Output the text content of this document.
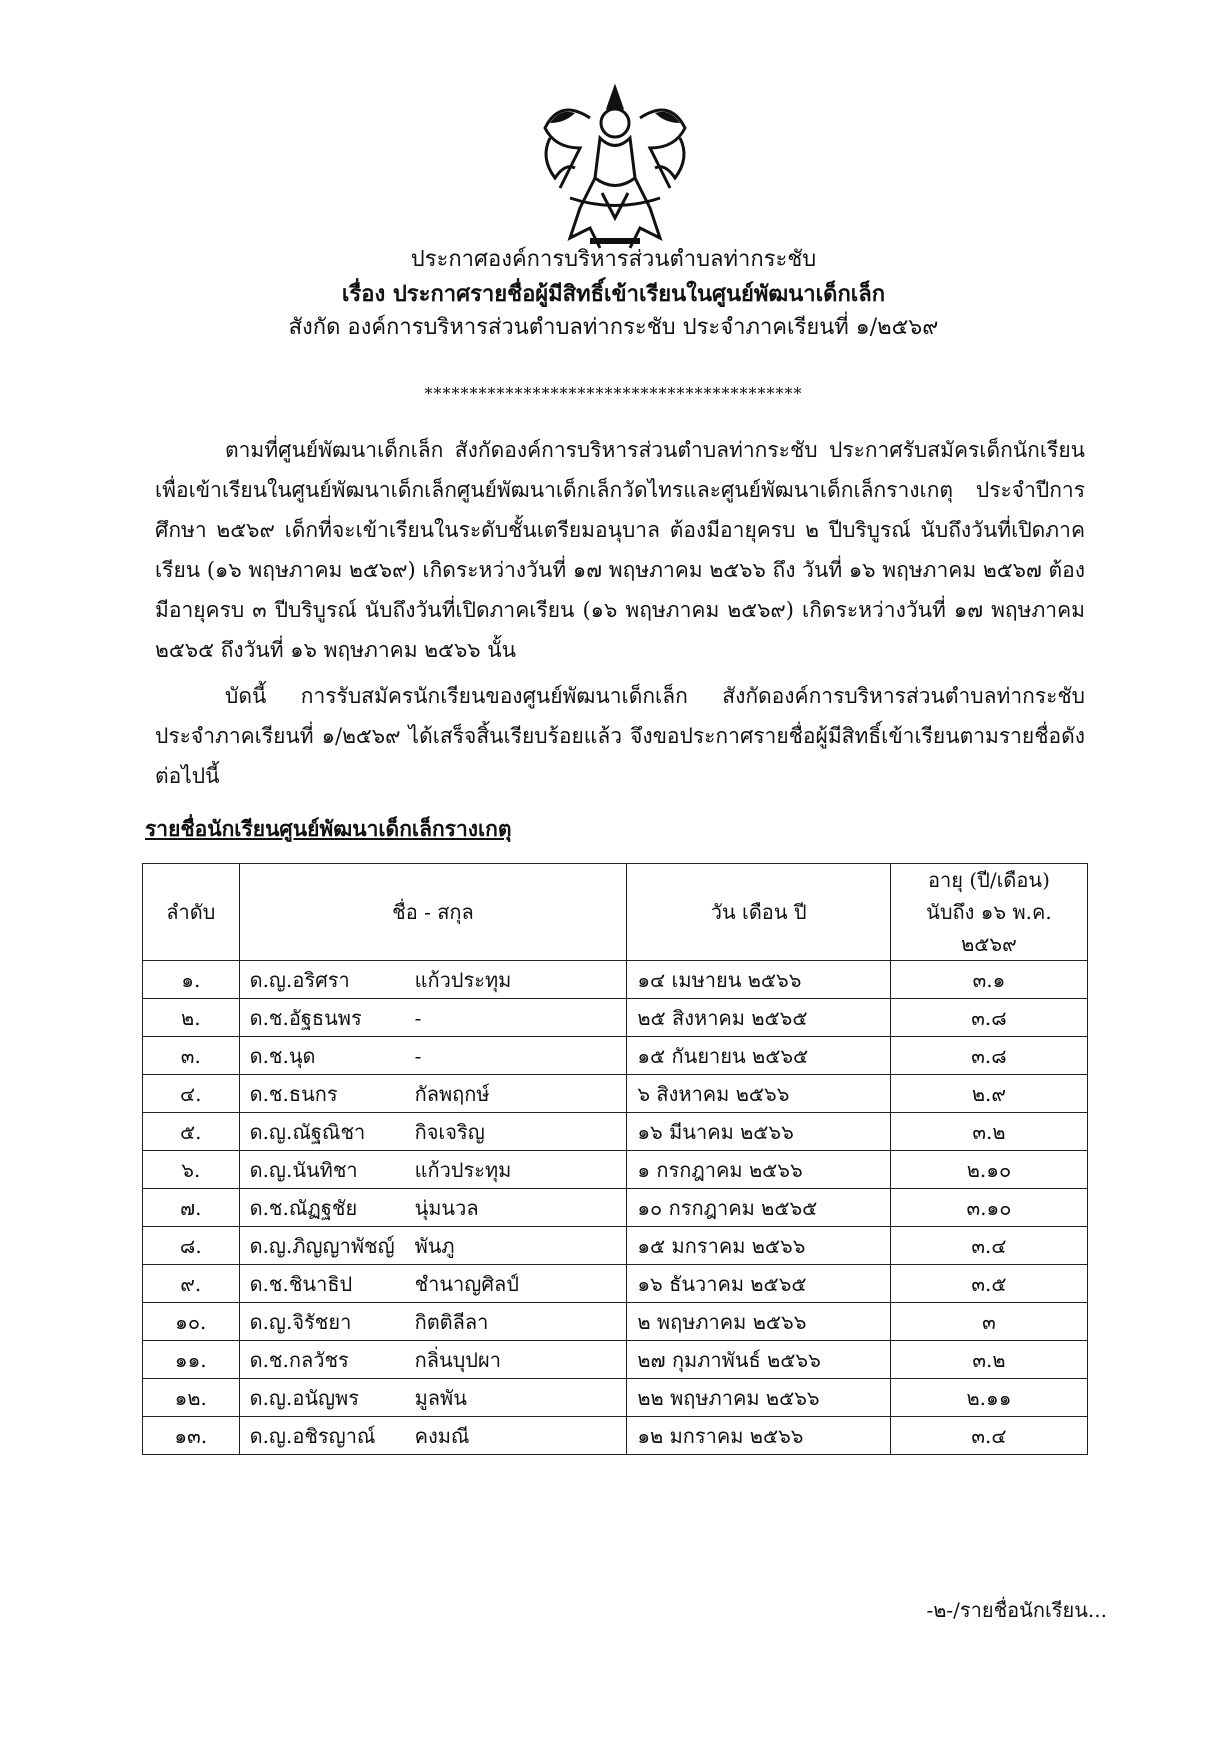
ประกาศองค์การบริหารส่วนตำบลท่ากระชับ
เรื่อง ประกาศรายชื่อผู้มีสิทธิ์เข้าเรียนในศูนย์พัฒนาเด็กเล็ก
สังกัด องค์การบริหารส่วนตำบลท่ากระชับ ประจำภาคเรียนที่ ๑/๒๕๖๙
******************************************
ตามที่ศูนย์พัฒนาเด็กเล็ก สังกัดองค์การบริหารส่วนตำบลท่ากระชับ ประกาศรับสมัครเด็กนักเรียน เพื่อเข้าเรียนในศูนย์พัฒนาเด็กเล็กศูนย์พัฒนาเด็กเล็กวัดไทรและศูนย์พัฒนาเด็กเล็กรางเกตุ ประจำปีการศึกษา ๒๕๖๙ เด็กที่จะเข้าเรียนในระดับชั้นเตรียมอนุบาล ต้องมีอายุครบ ๒ ปีบริบูรณ์ นับถึงวันที่เปิดภาคเรียน (๑๖ พฤษภาคม ๒๕๖๙) เกิดระหว่างวันที่ ๑๗ พฤษภาคม ๒๕๖๖ ถึง วันที่ ๑๖ พฤษภาคม ๒๕๖๗ ต้องมีอายุครบ ๓ ปีบริบูรณ์ นับถึงวันที่เปิดภาคเรียน (๑๖ พฤษภาคม ๒๕๖๙) เกิดระหว่างวันที่ ๑๗ พฤษภาคม ๒๕๖๕ ถึงวันที่ ๑๖ พฤษภาคม ๒๕๖๖ นั้น
บัดนี้ การรับสมัครนักเรียนของศูนย์พัฒนาเด็กเล็ก สังกัดองค์การบริหารส่วนตำบลท่ากระชับ ประจำภาคเรียนที่ ๑/๒๕๖๙ ได้เสร็จสิ้นเรียบร้อยแล้ว จึงขอประกาศรายชื่อผู้มีสิทธิ์เข้าเรียนตามรายชื่อดังต่อไปนี้
รายชื่อนักเรียนศูนย์พัฒนาเด็กเล็กรางเกตุ
ลำดับ	ชื่อ - สกุล	วัน เดือน ปี	อายุ (ปี/เดือน)
นับถึง ๑๖ พ.ค. ๒๕๖๙

๑.	ด.ญ.อริศรา แก้วประทุม	๑๔ เมษายน ๒๕๖๖	๓.๑
๒.	ด.ช.อัฐธนพร -	๒๕ สิงหาคม ๒๕๖๕	๓.๘
๓.	ด.ช.นุด -	๑๕ กันยายน ๒๕๖๕	๓.๘
๔.	ด.ช.ธนกร กัลพฤกษ์	๖ สิงหาคม ๒๕๖๖	๒.๙
๕.	ด.ญ.ณัฐณิชา กิจเจริญ	๑๖ มีนาคม ๒๕๖๖	๓.๒
๖.	ด.ญ.นันทิชา แก้วประทุม	๑ กรกฎาคม ๒๕๖๖	๒.๑๐
๗.	ด.ช.ณัฏฐชัย นุ่มนวล	๑๐ กรกฎาคม ๒๕๖๕	๓.๑๐
๘.	ด.ญ.ภิญญาพัชญ์ พันภู	๑๕ มกราคม ๒๕๖๖	๓.๔
๙.	ด.ช.ชินาธิป ชำนาญศิลป์	๑๖ ธันวาคม ๒๕๖๕	๓.๕
๑๐.	ด.ญ.จิรัชยา กิตติลีลา	๒ พฤษภาคม ๒๕๖๖	๓
๑๑.	ด.ช.กลวัชร กลิ่นบุปผา	๒๗ กุมภาพันธ์ ๒๕๖๖	๓.๒
๑๒.	ด.ญ.อนัญพร มูลพัน	๒๒ พฤษภาคม ๒๕๖๖	๒.๑๑
๑๓.	ด.ญ.อชิรญาณ์ คงมณี	๑๒ มกราคม ๒๕๖๖	๓.๔
-๒-/รายชื่อนักเรียน...
